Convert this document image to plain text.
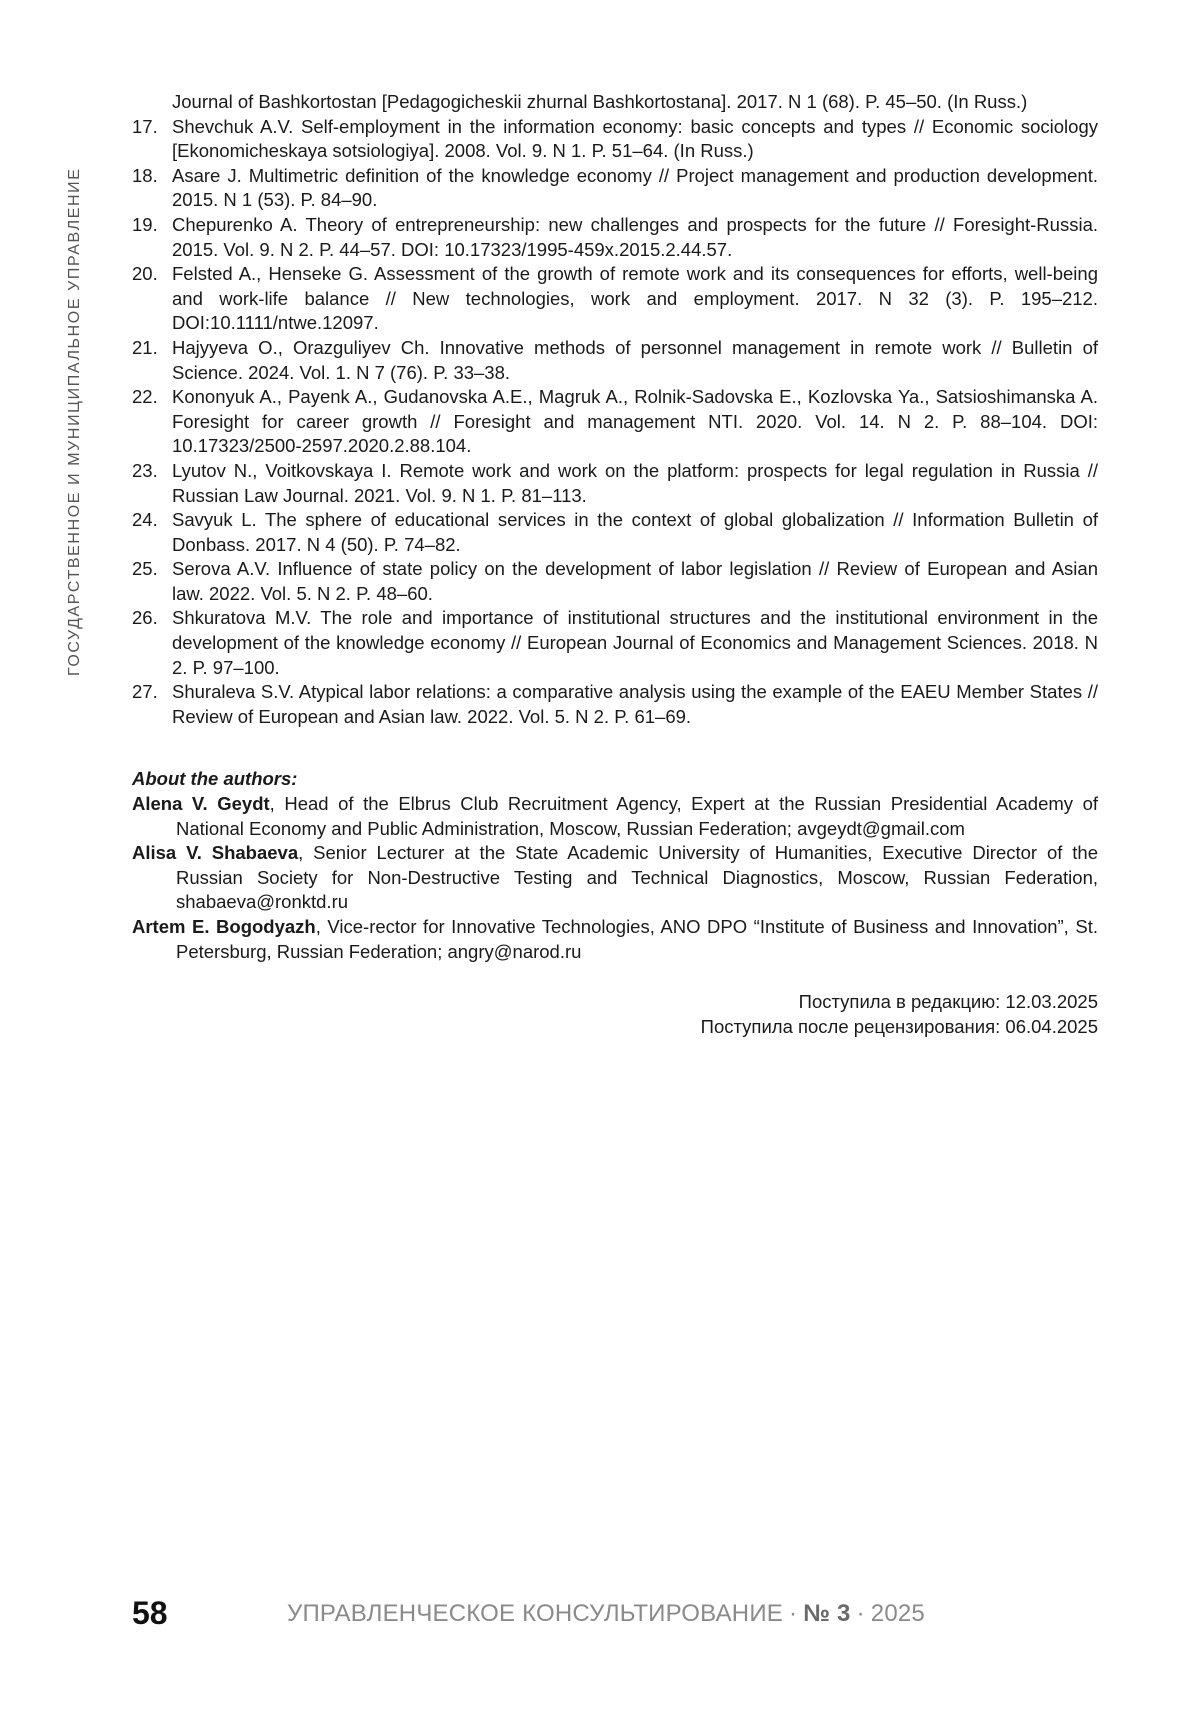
ГОСУДАРСТВЕННОЕ И МУНИЦИПАЛЬНОЕ УПРАВЛЕНИЕ
Journal of Bashkortostan [Pedagogicheskii zhurnal Bashkortostana]. 2017. N 1 (68). P. 45–50. (In Russ.)
17. Shevchuk A.V. Self-employment in the information economy: basic concepts and types // Economic sociology [Ekonomicheskaya sotsiologiya]. 2008. Vol. 9. N 1. P. 51–64. (In Russ.)
18. Asare J. Multimetric definition of the knowledge economy // Project management and production development. 2015. N 1 (53). P. 84–90.
19. Chepurenko A. Theory of entrepreneurship: new challenges and prospects for the future // Foresight-Russia. 2015. Vol. 9. N 2. P. 44–57. DOI: 10.17323/1995-459x.2015.2.44.57.
20. Felsted A., Henseke G. Assessment of the growth of remote work and its consequences for efforts, well-being and work-life balance // New technologies, work and employment. 2017. N 32 (3). P. 195–212. DOI:10.1111/ntwe.12097.
21. Hajyyeva O., Orazguliyev Ch. Innovative methods of personnel management in remote work // Bulletin of Science. 2024. Vol. 1. N 7 (76). P. 33–38.
22. Kononyuk A., Payenk A., Gudanovska A.E., Magruk A., Rolnik-Sadovska E., Kozlovska Ya., Satsioshimanska A. Foresight for career growth // Foresight and management NTI. 2020. Vol. 14. N 2. P. 88–104. DOI: 10.17323/2500-2597.2020.2.88.104.
23. Lyutov N., Voitkovskaya I. Remote work and work on the platform: prospects for legal regulation in Russia // Russian Law Journal. 2021. Vol. 9. N 1. P. 81–113.
24. Savyuk L. The sphere of educational services in the context of global globalization // Information Bulletin of Donbass. 2017. N 4 (50). P. 74–82.
25. Serova A.V. Influence of state policy on the development of labor legislation // Review of European and Asian law. 2022. Vol. 5. N 2. P. 48–60.
26. Shkuratova M.V. The role and importance of institutional structures and the institutional environment in the development of the knowledge economy // European Journal of Economics and Management Sciences. 2018. N 2. P. 97–100.
27. Shuraleva S.V. Atypical labor relations: a comparative analysis using the example of the EAEU Member States // Review of European and Asian law. 2022. Vol. 5. N 2. P. 61–69.
About the authors:
Alena V. Geydt, Head of the Elbrus Club Recruitment Agency, Expert at the Russian Presidential Academy of National Economy and Public Administration, Moscow, Russian Federation; avgeydt@gmail.com
Alisa V. Shabaeva, Senior Lecturer at the State Academic University of Humanities, Executive Director of the Russian Society for Non-Destructive Testing and Technical Diagnostics, Moscow, Russian Federation, shabaeva@ronktd.ru
Artem E. Bogodyazh, Vice-rector for Innovative Technologies, ANO DPO “Institute of Business and Innovation”, St. Petersburg, Russian Federation; angry@narod.ru
Поступила в редакцию: 12.03.2025
Поступила после рецензирования: 06.04.2025
58	УПРАВЛЕНЧЕСКОЕ КОНСУЛЬТИРОВАНИЕ · № 3 · 2025
